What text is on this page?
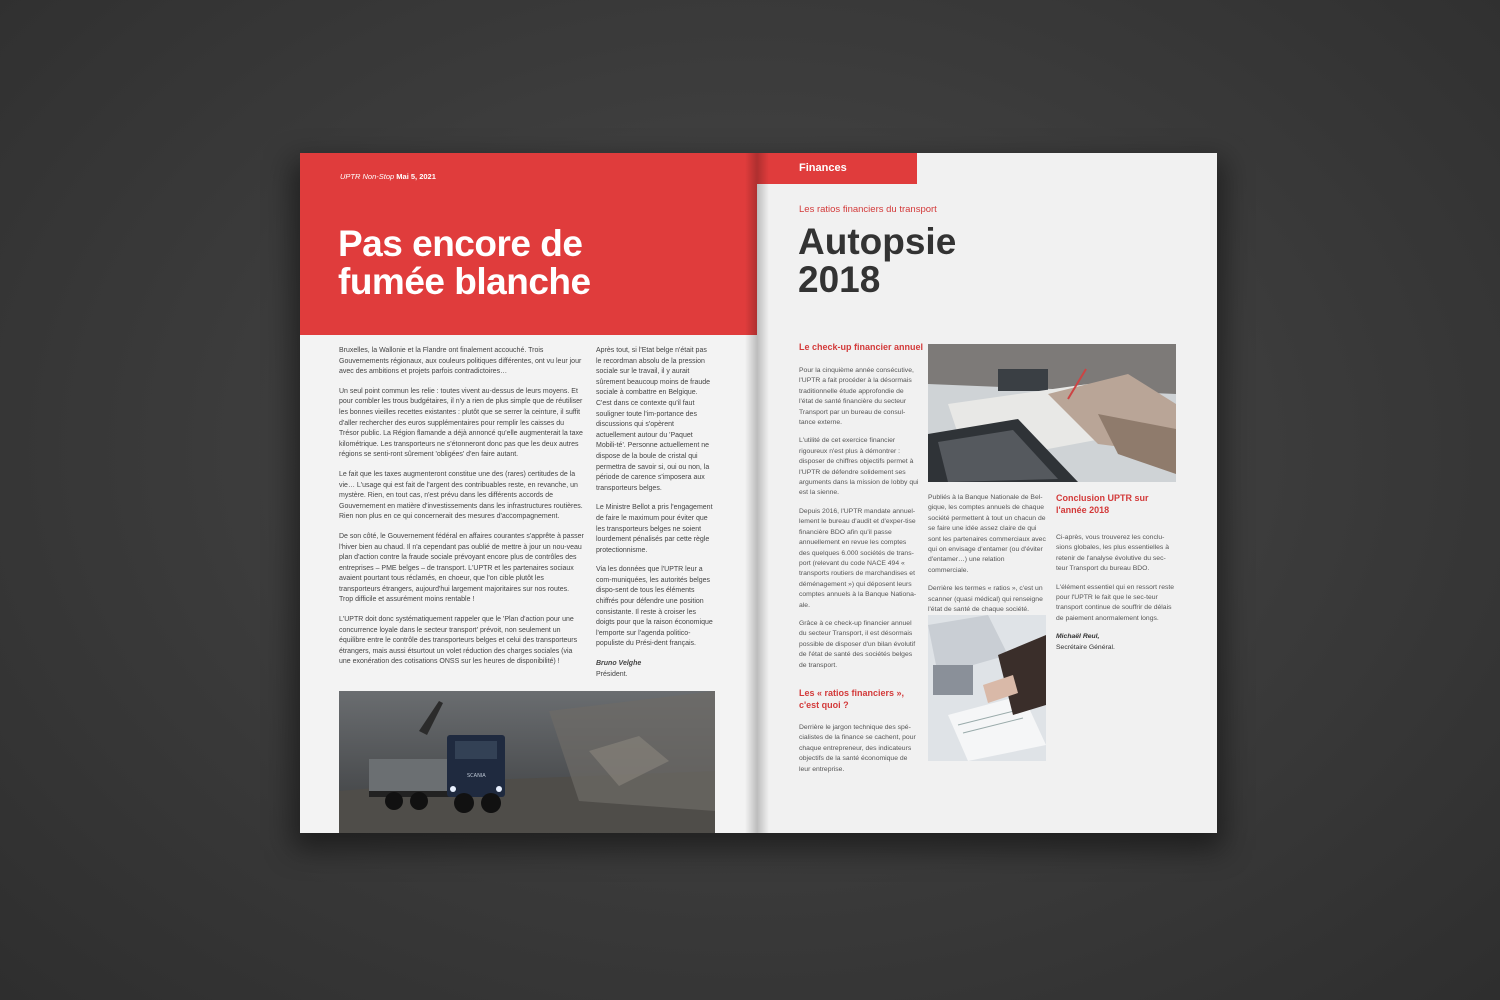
UPTR Non-Stop Mai 5, 2021
Pas encore de
fumée blanche

Bruxelles, la Wallonie et la Flandre ont finalement accouché. Trois Gouvernements régionaux, aux couleurs politiques différentes, ont vu leur jour avec des ambitions et projets parfois contradictoires…

Un seul point commun les relie : toutes vivent au-dessus de leurs moyens. Et pour combler les trous budgétaires, il n'y a rien de plus simple que de réutiliser les bonnes vieilles recettes existantes : plutôt que se serrer la ceinture, il suffit d'aller rechercher des euros supplémentaires pour remplir les caisses du Trésor public. La Région flamande a déjà annoncé qu'elle augmenterait la taxe kilométrique. Les transporteurs ne s'étonneront donc pas que les deux autres régions se senti-ront sûrement 'obligées' d'en faire autant.

Le fait que les taxes augmenteront constitue une des (rares) certitudes de la vie… L'usage qui est fait de l'argent des contribuables reste, en revanche, un mystère. Rien, en tout cas, n'est prévu dans les différents accords de Gouvernement en matière d'investissements dans les infrastructures routières. Rien non plus en ce qui concernerait des mesures d'accompagnement.

De son côté, le Gouvernement fédéral en affaires courantes s'apprête à passer l'hiver bien au chaud. Il n'a cependant pas oublié de mettre à jour un nou-veau plan d'action contre la fraude sociale prévoyant encore plus de contrôles des entreprises – PME belges – de transport. L'UPTR et les partenaires sociaux avaient pourtant tous réclamés, en choeur, que l'on cible plutôt les transporteurs étrangers, aujourd'hui largement majoritaires sur nos routes. Trop difficile et assurément moins rentable !

L'UPTR doit donc systématiquement rappeler que le 'Plan d'action pour une concurrence loyale dans le secteur transport' prévoit, non seulement un équilibre entre le contrôle des transporteurs belges et celui des transporteurs étrangers, mais aussi étsurtout un volet réduction des charges sociales (via une exonération des cotisations ONSS sur les heures de disponibilité) !

Après tout, si l'Etat belge n'était pas le recordman absolu de la pression sociale sur le travail, il y aurait sûrement beaucoup moins de fraude sociale à combattre en Belgique. C'est dans ce contexte qu'il faut souligner toute l'im-portance des discussions qui s'opèrent actuellement autour du 'Paquet Mobili-té'. Personne actuellement ne dispose de la boule de cristal qui permettra de savoir si, oui ou non, la période de carence s'imposera aux transporteurs belges.

Le Ministre Bellot a pris l'engagement de faire le maximum pour éviter que les transporteurs belges ne soient lourdement pénalisés par cette règle protectionnisme.

Via les données que l'UPTR leur a com-muniquées, les autorités belges dispo-sent de tous les éléments chiffrés pour défendre une position consistante. Il reste à croiser les doigts pour que la raison économique l'emporte sur l'agenda politico-populiste du Prési-dent français.

Bruno Velghe
Président.
SCANIA
Finances
Les ratios financiers du transport
Autopsie
2018
Le check-up financier annuel

Pour la cinquième année consécutive, l'UPTR a fait procéder à la désormais traditionnelle étude approfondie de l'état de santé financière du secteur Transport par un bureau de consul-tance externe.

L'utilité de cet exercice financier rigoureux n'est plus à démontrer : disposer de chiffres objectifs permet à l'UPTR de défendre solidement ses arguments dans la mission de lobby qui est la sienne.

Depuis 2016, l'UPTR mandate annuel-lement le bureau d'audit et d'exper-tise financière BDO afin qu'il passe annuellement en revue les comptes des quelques 6.000 sociétés de trans-port (relevant du code NACE 494 « transports routiers de marchandises et déménagement ») qui déposent leurs comptes annuels à la Banque Nationa-ale.

Grâce à ce check-up financier annuel du secteur Transport, il est désormais possible de disposer d'un bilan évolutif de l'état de santé des sociétés belges de transport.

Les « ratios financiers »,
c'est quoi ?

Derrière le jargon technique des spé-cialistes de la finance se cachent, pour chaque entrepreneur, des indicateurs objectifs de la santé économique de leur entreprise.

Publiés à la Banque Nationale de Bel-gique, les comptes annuels de chaque société permettent à tout un chacun de se faire une idée assez claire de qui sont les partenaires commerciaux avec qui on envisage d'entamer (ou d'éviter d'entamer…) une relation commerciale.

Derrière les termes « ratios », c'est un scanner (quasi médical) qui renseigne l'état de santé de chaque société.

Conclusion UPTR sur
l'année 2018

Ci-après, vous trouverez les conclu-sions globales, les plus essentielles à retenir de l'analyse évolutive du sec-teur Transport du bureau BDO.

L'élément essentiel qui en ressort reste pour l'UPTR le fait que le sec-teur transport continue de souffrir de délais de paiement anormalement longs.

Michaël Reul,
Secrétaire Général.
